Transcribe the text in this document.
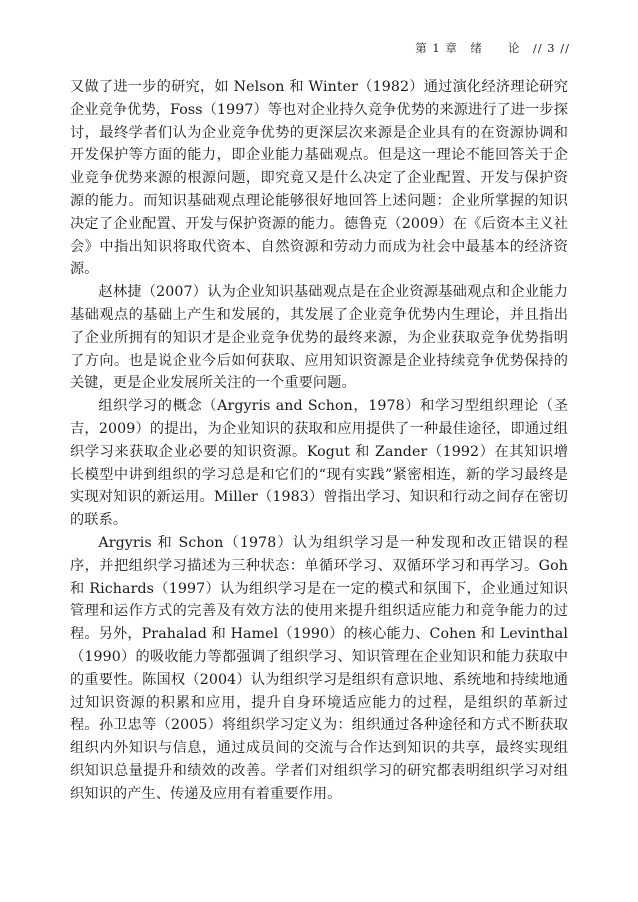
第 1 章　绪　　论　// 3 //

又做了进一步的研究，如 Nelson 和 Winter（1982）通过演化经济理论研究企业竞争优势，Foss（1997）等也对企业持久竞争优势的来源进行了进一步探讨，最终学者们认为企业竞争优势的更深层次来源是企业具有的在资源协调和开发保护等方面的能力，即企业能力基础观点。但是这一理论不能回答关于企业竞争优势来源的根源问题，即究竟又是什么决定了企业配置、开发与保护资源的能力。而知识基础观点理论能够很好地回答上述问题：企业所掌握的知识决定了企业配置、开发与保护资源的能力。德鲁克（2009）在《后资本主义社会》中指出知识将取代资本、自然资源和劳动力而成为社会中最基本的经济资源。

赵林捷（2007）认为企业知识基础观点是在企业资源基础观点和企业能力基础观点的基础上产生和发展的，其发展了企业竞争优势内生理论，并且指出了企业所拥有的知识才是企业竞争优势的最终来源，为企业获取竞争优势指明了方向。也是说企业今后如何获取、应用知识资源是企业持续竞争优势保持的关键，更是企业发展所关注的一个重要问题。

组织学习的概念（Argyris and Schon，1978）和学习型组织理论（圣吉，2009）的提出，为企业知识的获取和应用提供了一种最佳途径，即通过组织学习来获取企业必要的知识资源。Kogut 和 Zander（1992）在其知识增长模型中讲到组织的学习总是和它们的“现有实践”紧密相连，新的学习最终是实现对知识的新运用。Miller（1983）曾指出学习、知识和行动之间存在密切的联系。

Argyris 和 Schon（1978）认为组织学习是一种发现和改正错误的程序，并把组织学习描述为三种状态：单循环学习、双循环学习和再学习。Goh 和 Richards（1997）认为组织学习是在一定的模式和氛围下，企业通过知识管理和运作方式的完善及有效方法的使用来提升组织适应能力和竞争能力的过程。另外，Prahalad 和 Hamel（1990）的核心能力、Cohen 和 Levinthal（1990）的吸收能力等都强调了组织学习、知识管理在企业知识和能力获取中的重要性。陈国权（2004）认为组织学习是组织有意识地、系统地和持续地通过知识资源的积累和应用，提升自身环境适应能力的过程，是组织的革新过程。孙卫忠等（2005）将组织学习定义为：组织通过各种途径和方式不断获取组织内外知识与信息，通过成员间的交流与合作达到知识的共享，最终实现组织知识总量提升和绩效的改善。学者们对组织学习的研究都表明组织学习对组织知识的产生、传递及应用有着重要作用。
